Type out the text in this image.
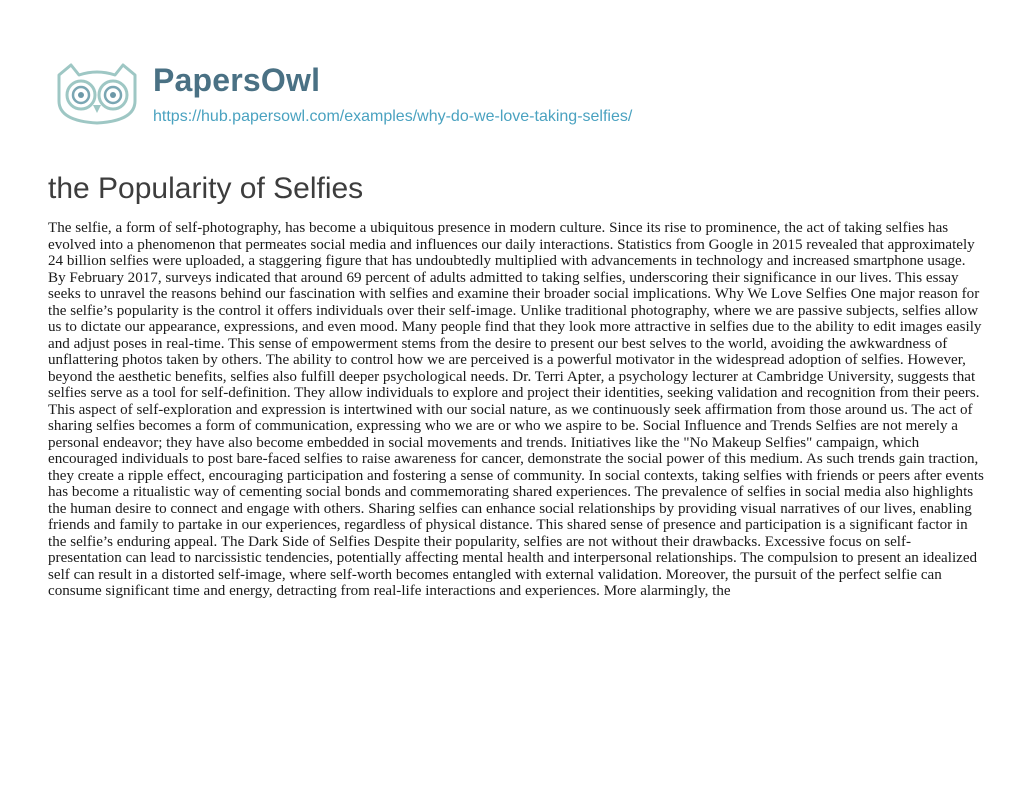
PapersOwl
https://hub.papersowl.com/examples/why-do-we-love-taking-selfies/
the Popularity of Selfies

The selfie, a form of self-photography, has become a ubiquitous presence in modern culture. Since its rise to prominence, the act of taking selfies has evolved into a phenomenon that permeates social media and influences our daily interactions. Statistics from Google in 2015 revealed that approximately 24 billion selfies were uploaded, a staggering figure that has undoubtedly multiplied with advancements in technology and increased smartphone usage. By February 2017, surveys indicated that around 69 percent of adults admitted to taking selfies, underscoring their significance in our lives. This essay seeks to unravel the reasons behind our fascination with selfies and examine their broader social implications. Why We Love Selfies One major reason for the selfie’s popularity is the control it offers individuals over their self-image. Unlike traditional photography, where we are passive subjects, selfies allow us to dictate our appearance, expressions, and even mood. Many people find that they look more attractive in selfies due to the ability to edit images easily and adjust poses in real-time. This sense of empowerment stems from the desire to present our best selves to the world, avoiding the awkwardness of unflattering photos taken by others. The ability to control how we are perceived is a powerful motivator in the widespread adoption of selfies. However, beyond the aesthetic benefits, selfies also fulfill deeper psychological needs. Dr. Terri Apter, a psychology lecturer at Cambridge University, suggests that selfies serve as a tool for self-definition. They allow individuals to explore and project their identities, seeking validation and recognition from their peers. This aspect of self-exploration and expression is intertwined with our social nature, as we continuously seek affirmation from those around us. The act of sharing selfies becomes a form of communication, expressing who we are or who we aspire to be. Social Influence and Trends Selfies are not merely a personal endeavor; they have also become embedded in social movements and trends. Initiatives like the "No Makeup Selfies" campaign, which encouraged individuals to post bare-faced selfies to raise awareness for cancer, demonstrate the social power of this medium. As such trends gain traction, they create a ripple effect, encouraging participation and fostering a sense of community. In social contexts, taking selfies with friends or peers after events has become a ritualistic way of cementing social bonds and commemorating shared experiences. The prevalence of selfies in social media also highlights the human desire to connect and engage with others. Sharing selfies can enhance social relationships by providing visual narratives of our lives, enabling friends and family to partake in our experiences, regardless of physical distance. This shared sense of presence and participation is a significant factor in the selfie’s enduring appeal. The Dark Side of Selfies Despite their popularity, selfies are not without their drawbacks. Excessive focus on self-presentation can lead to narcissistic tendencies, potentially affecting mental health and interpersonal relationships. The compulsion to present an idealized self can result in a distorted self-image, where self-worth becomes entangled with external validation. Moreover, the pursuit of the perfect selfie can consume significant time and energy, detracting from real-life interactions and experiences. More alarmingly, the
